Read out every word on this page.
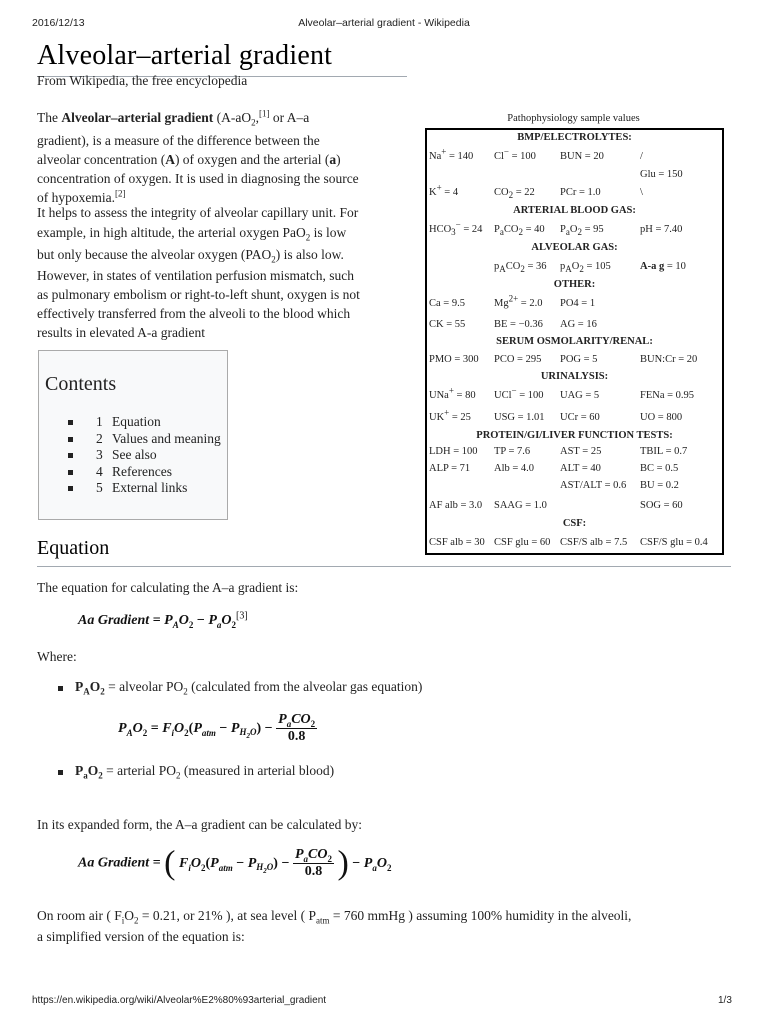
2016/12/13	Alveolar–arterial gradient - Wikipedia
Alveolar–arterial gradient
From Wikipedia, the free encyclopedia

The Alveolar–arterial gradient ($A-aO_2,[1]$ or A–a

gradient), is a measure of the difference between the

alveolar concentration (A) of oxygen and the arterial (a)

concentration of oxygen. It is used in diagnosing the source

of hypoxemia.[2]

It helps to assess the integrity of alveolar capillary unit. For

example, in high altitude, the arterial oxygen PaO$_2$ is low

but only because the alveolar oxygen $(PAO_2)$ is also low.

However, in states of ventilation perfusion mismatch, such

as pulmonary embolism or right-to-left shunt, oxygen is not

effectively transferred from the alveoli to the blood which

results in elevated A-a gradient

Contents
1 Equation
2 Values and meaning
3 See also
4 References
5 External links
Pathophysiology sample values
BMP/ELECTROLYTES:			
Na+ = 140	Cl− = 100	BUN = 20	/
			Glu = 150
K+ = 4	$CO_2 = 22$	PCr = 1.0	\
ARTERIAL BLOOD GAS:			
$HCO_3^- = 24$	$P_aCO_2 = 40$	$P_aO_2 = 95$	pH = 7.40
ALVEOLAR GAS:			
	$p_ACO_2 = 36$	$p_AO_2 = 105$	A-a g = 10
OTHER:			
Ca = 9.5	$Mg^{2+} = 2.0$	PO4 = 1	
CK = 55	BE = −0.36	AG = 16	
SERUM OSMOLARITY/RENAL:			
PMO = 300	PCO = 295	POG = 5	BUN:Cr = 20
URINALYSIS:			
UNa+ = 80	UCl− = 100	UAG = 5	FENa = 0.95
UK+ = 25	USG = 1.01	UCr = 60	UO = 800
PROTEIN/GI/LIVER FUNCTION TESTS:			
LDH = 100	TP = 7.6	AST = 25	TBIL = 0.7
ALP = 71	Alb = 4.0	ALT = 40	BC = 0.5
		AST/ALT = 0.6	BU = 0.2
AF alb = 3.0	SAAG = 1.0		SOG = 60
CSF:			
CSF alb = 30	CSF glu = 60	CSF/S alb = 7.5	CSF/S glu = 0.4
Equation
The equation for calculating the A–a gradient is:
Aa Gradient = $P_AO_2 - P_aO_2[3]$
Where:
$P_AO_2$ = alveolar $PO_2$ (calculated from the alveolar gas equation)
$P_AO_2 = F_iO_2(P_{atm} - P_{H_2O}) - \frac{P_aCO_2}{0.8}$
$P_aO_2$ = arterial $PO_2$ (measured in arterial blood)
In its expanded form, the A–a gradient can be calculated by:
Aa Gradient = ( $F_iO_2(P_{atm} - P_{H_2O}) - \frac{P_aCO_2}{0.8}$ ) − $P_aO_2$

On room air ( $F_iO_2 = 0.21$, or 21% ), at sea level ( $P_{atm} = 760$ mmHg ) assuming 100% humidity in the alveoli,

a simplified version of the equation is:

https://en.wikipedia.org/wiki/Alveolar%E2%80%93arterial_gradient	1/3
